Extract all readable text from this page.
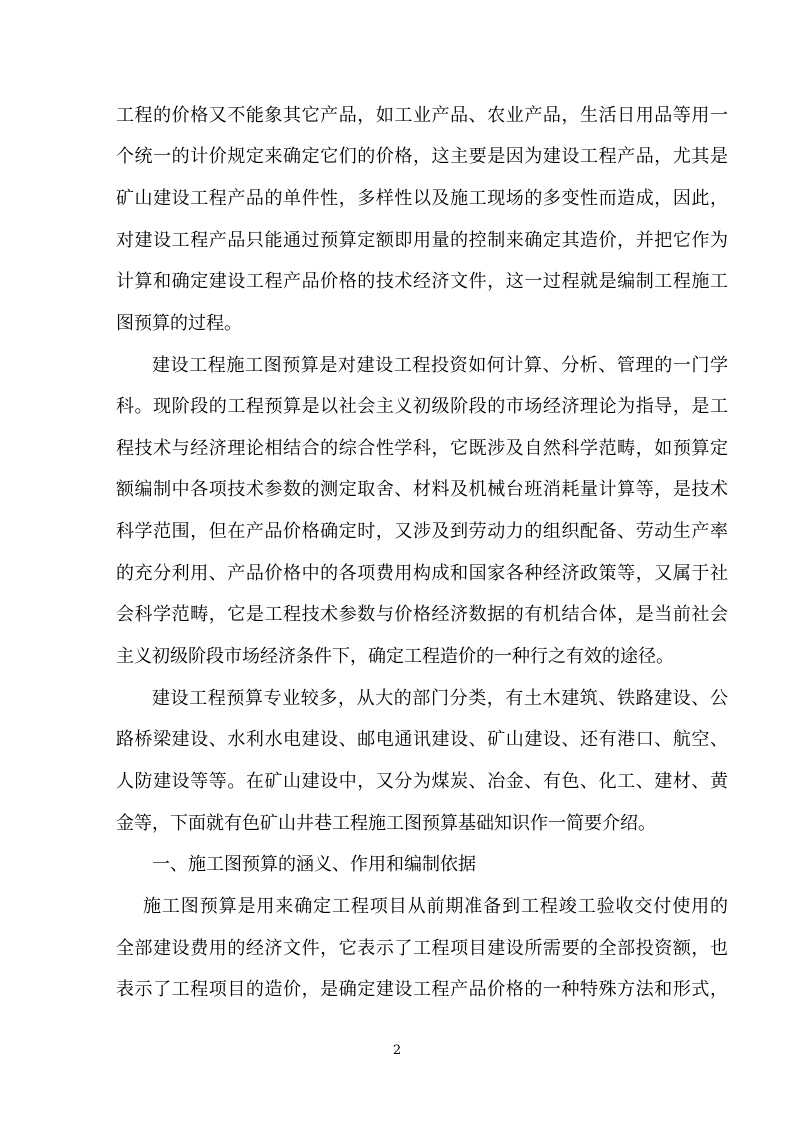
工程的价格又不能象其它产品，如工业产品、农业产品，生活日用品等用一
个统一的计价规定来确定它们的价格，这主要是因为建设工程产品，尤其是
矿山建设工程产品的单件性，多样性以及施工现场的多变性而造成，因此，
对建设工程产品只能通过预算定额即用量的控制来确定其造价，并把它作为
计算和确定建设工程产品价格的技术经济文件，这一过程就是编制工程施工
图预算的过程。
建设工程施工图预算是对建设工程投资如何计算、分析、管理的一门学
科。现阶段的工程预算是以社会主义初级阶段的市场经济理论为指导，是工
程技术与经济理论相结合的综合性学科，它既涉及自然科学范畴，如预算定
额编制中各项技术参数的测定取舍、材料及机械台班消耗量计算等，是技术
科学范围，但在产品价格确定时，又涉及到劳动力的组织配备、劳动生产率
的充分利用、产品价格中的各项费用构成和国家各种经济政策等，又属于社
会科学范畴，它是工程技术参数与价格经济数据的有机结合体，是当前社会
主义初级阶段市场经济条件下，确定工程造价的一种行之有效的途径。
建设工程预算专业较多，从大的部门分类，有土木建筑、铁路建设、公
路桥梁建设、水利水电建设、邮电通讯建设、矿山建设、还有港口、航空、
人防建设等等。在矿山建设中，又分为煤炭、冶金、有色、化工、建材、黄
金等，下面就有色矿山井巷工程施工图预算基础知识作一简要介绍。
一、施工图预算的涵义、作用和编制依据
施工图预算是用来确定工程项目从前期准备到工程竣工验收交付使用的
全部建设费用的经济文件，它表示了工程项目建设所需要的全部投资额，也
表示了工程项目的造价，是确定建设工程产品价格的一种特殊方法和形式，
2
